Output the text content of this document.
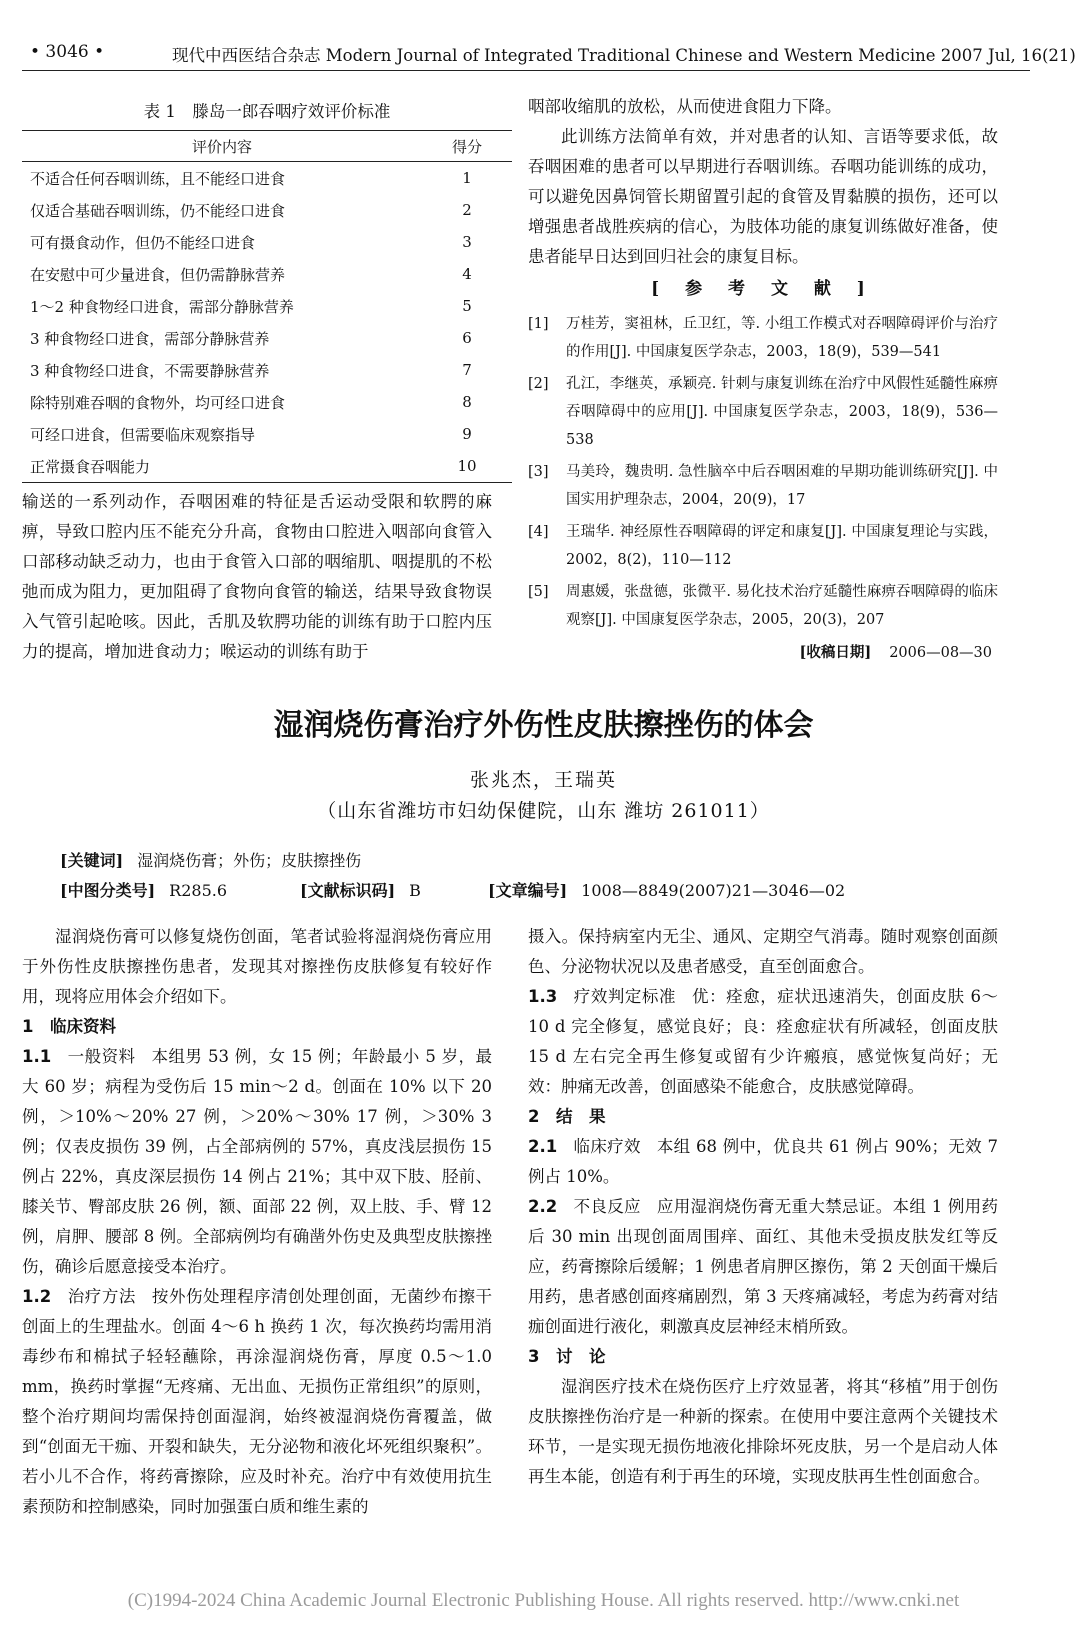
• 3046 •	现代中西医结合杂志 Modern Journal of Integrated Traditional Chinese and Western Medicine 2007 Jul, 16(21)
表 1　滕岛一郎吞咽疗效评价标准
评价内容	得分
不适合任何吞咽训练，且不能经口进食	1
仅适合基础吞咽训练，仍不能经口进食	2
可有摄食动作，但仍不能经口进食	3
在安慰中可少量进食，但仍需静脉营养	4
1～2 种食物经口进食，需部分静脉营养	5
3 种食物经口进食，需部分静脉营养	6
3 种食物经口进食，不需要静脉营养	7
除特别难吞咽的食物外，均可经口进食	8
可经口进食，但需要临床观察指导	9
正常摄食吞咽能力	10

输送的一系列动作，吞咽困难的特征是舌运动受限和软腭的麻痹，导致口腔内压不能充分升高，食物由口腔进入咽部向食管入口部移动缺乏动力，也由于食管入口部的咽缩肌、咽提肌的不松弛而成为阻力，更加阻碍了食物向食管的输送，结果导致食物误入气管引起呛咳。因此，舌肌及软腭功能的训练有助于口腔内压力的提高，增加进食动力；喉运动的训练有助于

咽部收缩肌的放松，从而使进食阻力下降。

此训练方法简单有效，并对患者的认知、言语等要求低，故吞咽困难的患者可以早期进行吞咽训练。吞咽功能训练的成功，可以避免因鼻饲管长期留置引起的食管及胃黏膜的损伤，还可以增强患者战胜疾病的信心，为肢体功能的康复训练做好准备，使患者能早日达到回归社会的康复目标。

[ 参 考 文 献 ]
[1] 万桂芳，窦祖林，丘卫红，等. 小组工作模式对吞咽障碍评价与治疗的作用[J]. 中国康复医学杂志，2003，18(9)，539—541
[2] 孔江，李继英，承颖亮. 针刺与康复训练在治疗中风假性延髓性麻痹吞咽障碍中的应用[J]. 中国康复医学杂志，2003，18(9)，536—538
[3] 马美玲，魏贵明. 急性脑卒中后吞咽困难的早期功能训练研究[J]. 中国实用护理杂志，2004，20(9)，17
[4] 王瑞华. 神经原性吞咽障碍的评定和康复[J]. 中国康复理论与实践，2002，8(2)，110—112
[5] 周惠媛，张盘德，张微平. 易化技术治疗延髓性麻痹吞咽障碍的临床观察[J]. 中国康复医学杂志，2005，20(3)，207
[收稿日期] 2006—08—30
湿润烧伤膏治疗外伤性皮肤擦挫伤的体会
张兆杰，王瑞英
（山东省潍坊市妇幼保健院，山东 潍坊 261011）
[关键词] 湿润烧伤膏；外伤；皮肤擦挫伤
[中图分类号] R285.6	[文献标识码] B	[文章编号] 1008—8849(2007)21—3046—02

湿润烧伤膏可以修复烧伤创面，笔者试验将湿润烧伤膏应用于外伤性皮肤擦挫伤患者，发现其对擦挫伤皮肤修复有较好作用，现将应用体会介绍如下。

1　临床资料

1.1 一般资料 本组男 53 例，女 15 例；年龄最小 5 岁，最大 60 岁；病程为受伤后 15 min～2 d。创面在 10% 以下 20 例，＞10%～20% 27 例，＞20%～30% 17 例，＞30% 3 例；仅表皮损伤 39 例，占全部病例的 57%，真皮浅层损伤 15 例占 22%，真皮深层损伤 14 例占 21%；其中双下肢、胫前、膝关节、臀部皮肤 26 例，额、面部 22 例，双上肢、手、臂 12 例，肩胛、腰部 8 例。全部病例均有确凿外伤史及典型皮肤擦挫伤，确诊后愿意接受本治疗。

1.2 治疗方法 按外伤处理程序清创处理创面，无菌纱布擦干创面上的生理盐水。创面 4～6 h 换药 1 次，每次换药均需用消毒纱布和棉拭子轻轻蘸除，再涂湿润烧伤膏，厚度 0.5～1.0 mm，换药时掌握“无疼痛、无出血、无损伤正常组织”的原则，整个治疗期间均需保持创面湿润，始终被湿润烧伤膏覆盖，做到“创面无干痂、开裂和缺失，无分泌物和液化坏死组织聚积”。若小儿不合作，将药膏擦除，应及时补充。治疗中有效使用抗生素预防和控制感染，同时加强蛋白质和维生素的

摄入。保持病室内无尘、通风、定期空气消毒。随时观察创面颜色、分泌物状况以及患者感受，直至创面愈合。

1.3 疗效判定标准 优：痊愈，症状迅速消失，创面皮肤 6～10 d 完全修复，感觉良好；良：痊愈症状有所减轻，创面皮肤 15 d 左右完全再生修复或留有少许瘢痕，感觉恢复尚好；无效：肿痛无改善，创面感染不能愈合，皮肤感觉障碍。

2　结　果

2.1 临床疗效 本组 68 例中，优良共 61 例占 90%；无效 7 例占 10%。

2.2 不良反应 应用湿润烧伤膏无重大禁忌证。本组 1 例用药后 30 min 出现创面周围痒、面红、其他未受损皮肤发红等反应，药膏擦除后缓解；1 例患者肩胛区擦伤，第 2 天创面干燥后用药，患者感创面疼痛剧烈，第 3 天疼痛减轻，考虑为药膏对结痂创面进行液化，刺激真皮层神经末梢所致。

3　讨　论

湿润医疗技术在烧伤医疗上疗效显著，将其“移植”用于创伤皮肤擦挫伤治疗是一种新的探索。在使用中要注意两个关键技术环节，一是实现无损伤地液化排除坏死皮肤，另一个是启动人体再生本能，创造有利于再生的环境，实现皮肤再生性创面愈合。

(C)1994-2024 China Academic Journal Electronic Publishing House. All rights reserved. http://www.cnki.net
